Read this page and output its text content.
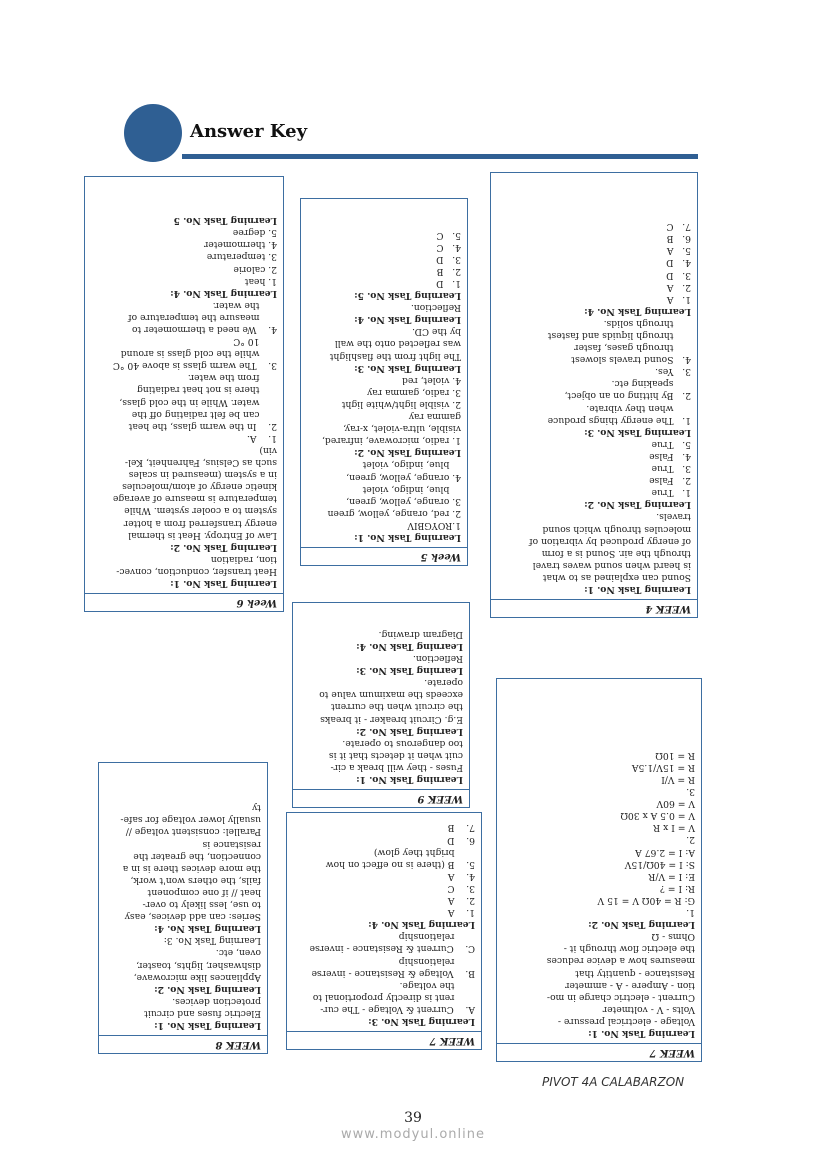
Answer Key
WEEK 4
Learning Task No. 1:
Sound can explained as to what
is heard when sound waves travel
through the air. Sound is a form
of energy produced by vibration of
molecules through which sound
travels.
Learning Task No. 2:
1.   True
2.   False
3.   True
4.   False
5.   True
Learning Task No. 3:
1.   The energy things produce
when they vibrate.
2.   By hitting on an object,
speaking etc.
3.   Yes.
4.   Sound travels slowest
through gases, faster
through liquids and fastest
through solids.
Learning Task No. 4:
1.   A
2.   A
3.   D
4.   D
5.   A
6.   B
7.   C
Week 5
Learning Task No. 1:
1.ROYGBIV
2. red, orange, yellow, green
3. orange, yellow, green,
blue, indigo, violet
4. orange, yellow, green,
blue, indigo, violet
Learning Task No. 2:
1. radio, microwave, infrared,
visible, ultra-violet, x-ray,
gamma ray
2. visible light/white light
3. radio, gamma ray
4. violet, red
Learning Task No. 3:
The light from the flashlight
was reflected onto the wall
by the CD.
Learning Task No. 4:
Reflection.
Learning Task No. 5:
1.   D
2.   B
3.   D
4.   C
5.   C
Week 6
Learning Task No. 1:
Heat transfer, conduction, convec-
tion, radiation
Learning Task No. 2:
Law of Entropy. Heat is thermal
energy transferred from a hotter
system to a cooler system. While
temperature is measure of average
kinetic energy of atom/molecules
in a system (measured in scales
such as Celsius, Fahrenheit, Kel-
vin)
1.    A.
2.    In the warm glass, the heat
can be felt radiating off the
water. While in the cold glass,
there is not heat radiating
from the water.
3.    The warm glass is above 40 °C
while the cold glass is around
10 °C
4.    We need a thermometer to
measure the temperature of
the water.
Learning Task No. 4:
1. heat
2. calorie
3. temperature
4. thermometer
5. degree
Learning Task No. 5
WEEK 7
Learning Task No. 1:
Voltage - electrical pressure -
Volts - V - voltmeter
Current - electric charge in mo-
tion - Ampere - A - ammeter
Resistance - quantity that
measures how a device reduces
the electric flow through it -
Ohms - Ω
Learning Task No. 2:
1.
G: R = 40Ω V = 15 V
R: I = ?
E: I = V/R
S: I = 40Ω/15V
A: I = 2.67 A
2.
V = I x R
V = 0.5 A x 30Ω
V = 60V
3.
R = V/I
R = 15V/1.5A
R = 10Ω
WEEK 7
Learning Task No. 3:
A.    Current & Voltage - The cur-
rent is directly proportional to
the voltage.
B.    Voltage & Resistance - inverse
relationship
C.    Current & Resistance - inverse
relationship
Learning Task No. 4:
1.    A
2.    A
3.    C
4.    A
5.    B (there is no effect on how
bright they glow)
6.    D
7.    B
WEEK 9
Learning Task No. 1:
Fuses - they will break a cir-
cuit when it detects that it is
too dangerous to operate.
Learning Task No. 2:
E.g. Circuit breaker - it breaks
the circuit when the current
exceeds the maximum value to
operate.
Learning Task No. 3:
Reflection.
Learning Task No. 4:
Diagram drawing.
WEEK 8
Learning Task No. 1:
Electric fuses and circuit
protection devices.
Learning Task No. 2:
Appliances like microwave,
dishwasher, lights, toaster,
oven, etc.
Learning Task No. 3:
Learning Task No. 4:
Series: can add devices, easy
to use, less likely to over-
heat // if one component
fails, the others won't work,
the more devices there is in a
connection, the greater the
resistance is
Parallel: consistent voltage //
usually lower voltage for safe-
ty
PIVOT 4A CALABARZON
39
www.modyul.online
